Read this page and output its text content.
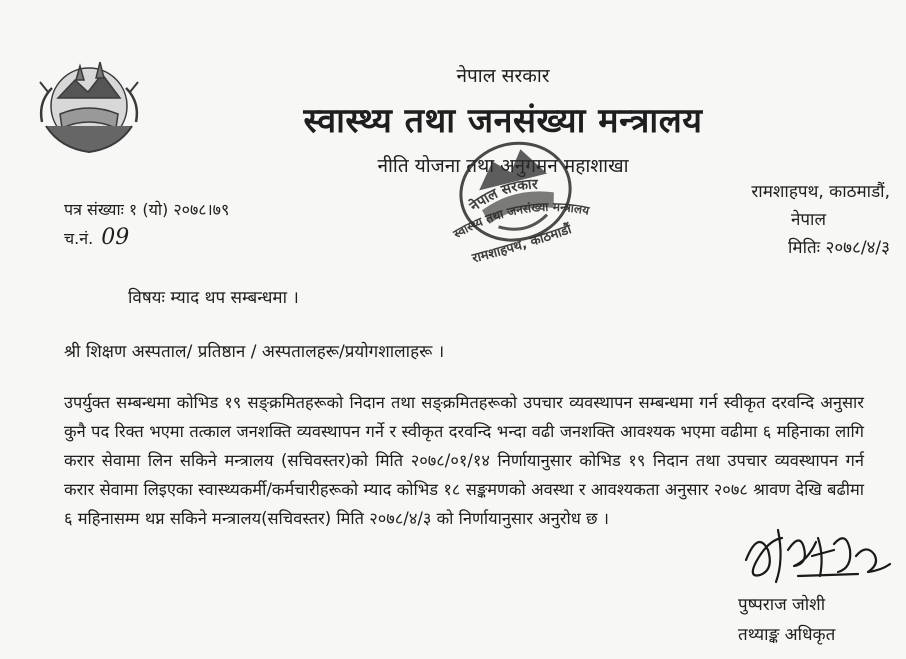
नेपाल सरकार
स्वास्थ्य तथा जनसंख्या मन्त्रालय
नीति योजना तथा अनुगमन महाशाखा
रामशाहपथ, काठमाडौं,
नेपाल
मितिः २०७८/४/३
पत्र संख्याः १ (यो) २०७८।७९
च.नं. 09
नेपाल सरकार
स्वास्थ्य तथा जनसंख्या मन्त्रालय
रामशाहपथ, काठमाडौं
विषयः म्याद थप सम्बन्धमा ।
श्री शिक्षण अस्पताल/ प्रतिष्ठान / अस्पतालहरू/प्रयोगशालाहरू ।
उपर्युक्त सम्बन्धमा कोभिड १९ सङ्क्रमितहरूको निदान तथा सङ्क्रमितहरूको उपचार व्यवस्थापन सम्बन्धमा गर्न स्वीकृत दरवन्दि अनुसार कुनै पद रिक्त भएमा तत्काल जनशक्ति व्यवस्थापन गर्ने र स्वीकृत दरवन्दि भन्दा वढी जनशक्ति आवश्यक भएमा वढीमा ६ महिनाका लागि करार सेवामा लिन सकिने मन्त्रालय (सचिवस्तर)को मिति २०७८/०१/१४ निर्णायानुसार कोभिड १९ निदान तथा उपचार व्यवस्थापन गर्न करार सेवामा लिइएका स्वास्थ्यकर्मी/कर्मचारीहरूको म्याद कोभिड १८ सङ्कमणको अवस्था र आवश्यकता अनुसार २०७८ श्रावण देखि बढीमा ६ महिनासम्म थप्न सकिने मन्त्रालय(सचिवस्तर) मिति २०७८/४/३ को निर्णायानुसार अनुरोध छ ।
पुष्पराज जोशी
तथ्याङ्क अधिकृत
